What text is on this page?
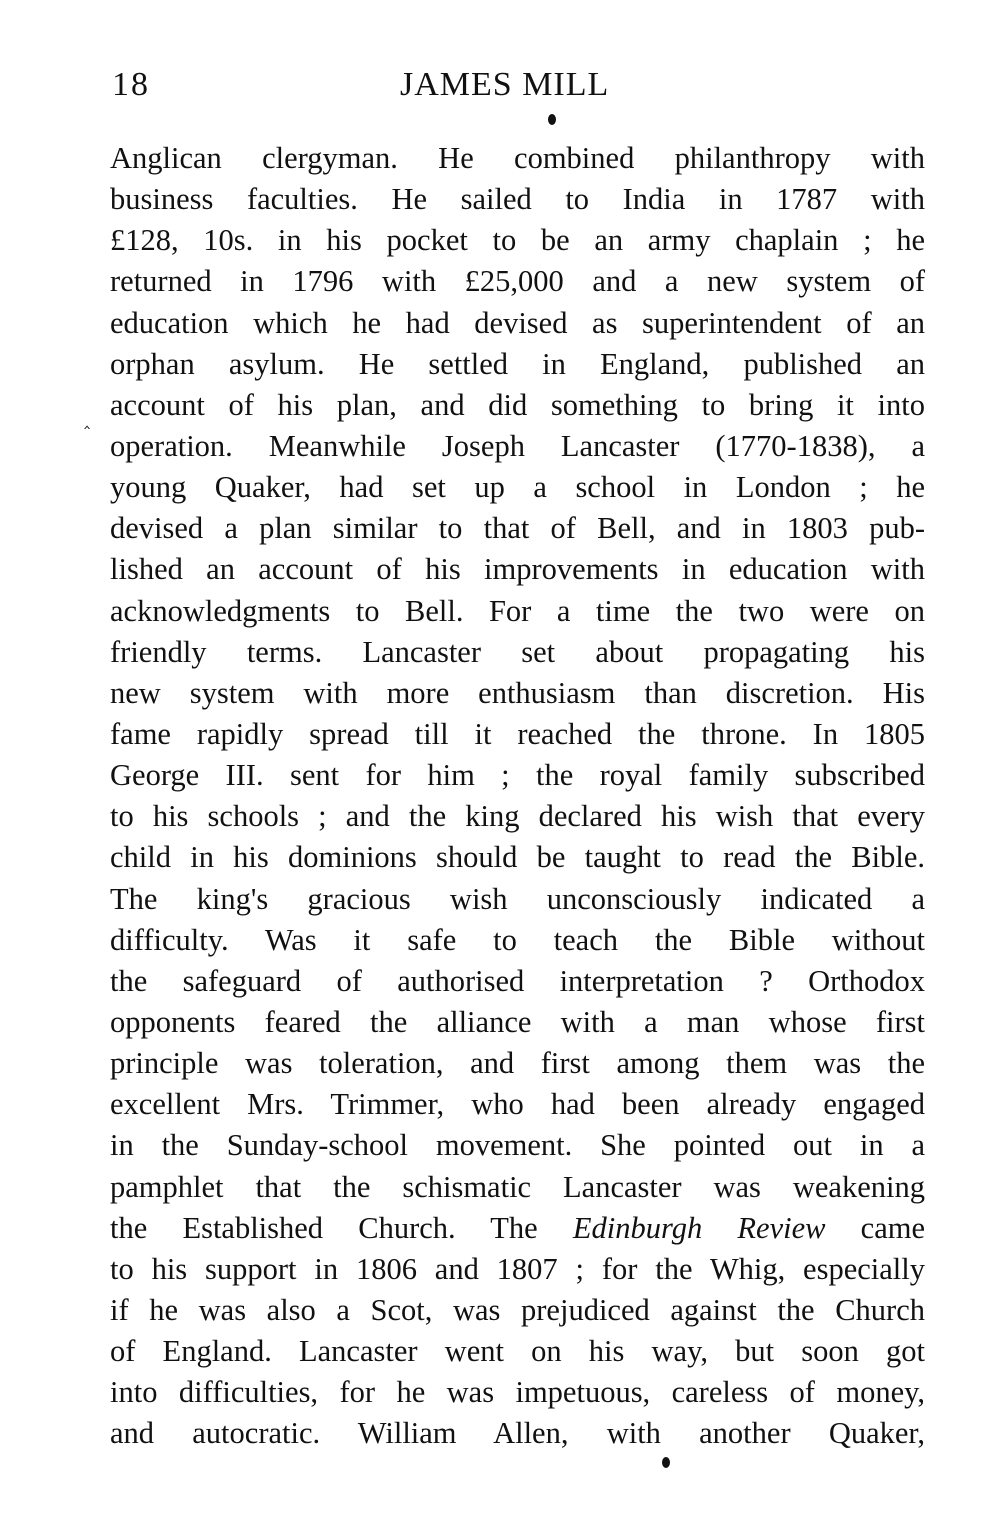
18	JAMES MILL
‸
Anglican clergyman. He combined philanthropy with
business faculties. He sailed to India in 1787 with
£128, 10s. in his pocket to be an army chaplain ; he
returned in 1796 with £25,000 and a new system of
education which he had devised as superintendent of an
orphan asylum. He settled in England, published an
account of his plan, and did something to bring it into
operation. Meanwhile Joseph Lancaster (1770-1838), a
young Quaker, had set up a school in London ; he
devised a plan similar to that of Bell, and in 1803 pub-
lished an account of his improvements in education with
acknowledgments to Bell. For a time the two were on
friendly terms. Lancaster set about propagating his
new system with more enthusiasm than discretion. His
fame rapidly spread till it reached the throne. In 1805
George III. sent for him ; the royal family subscribed
to his schools ; and the king declared his wish that every
child in his dominions should be taught to read the Bible.
The king's gracious wish unconsciously indicated a
difficulty. Was it safe to teach the Bible without
the safeguard of authorised interpretation ? Orthodox
opponents feared the alliance with a man whose first
principle was toleration, and first among them was the
excellent Mrs. Trimmer, who had been already engaged
in the Sunday-school movement. She pointed out in a
pamphlet that the schismatic Lancaster was weakening
the Established Church. The Edinburgh Review came
to his support in 1806 and 1807 ; for the Whig, especially
if he was also a Scot, was prejudiced against the Church
of England. Lancaster went on his way, but soon got
into difficulties, for he was impetuous, careless of money,
and autocratic. William Allen, with another Quaker,
